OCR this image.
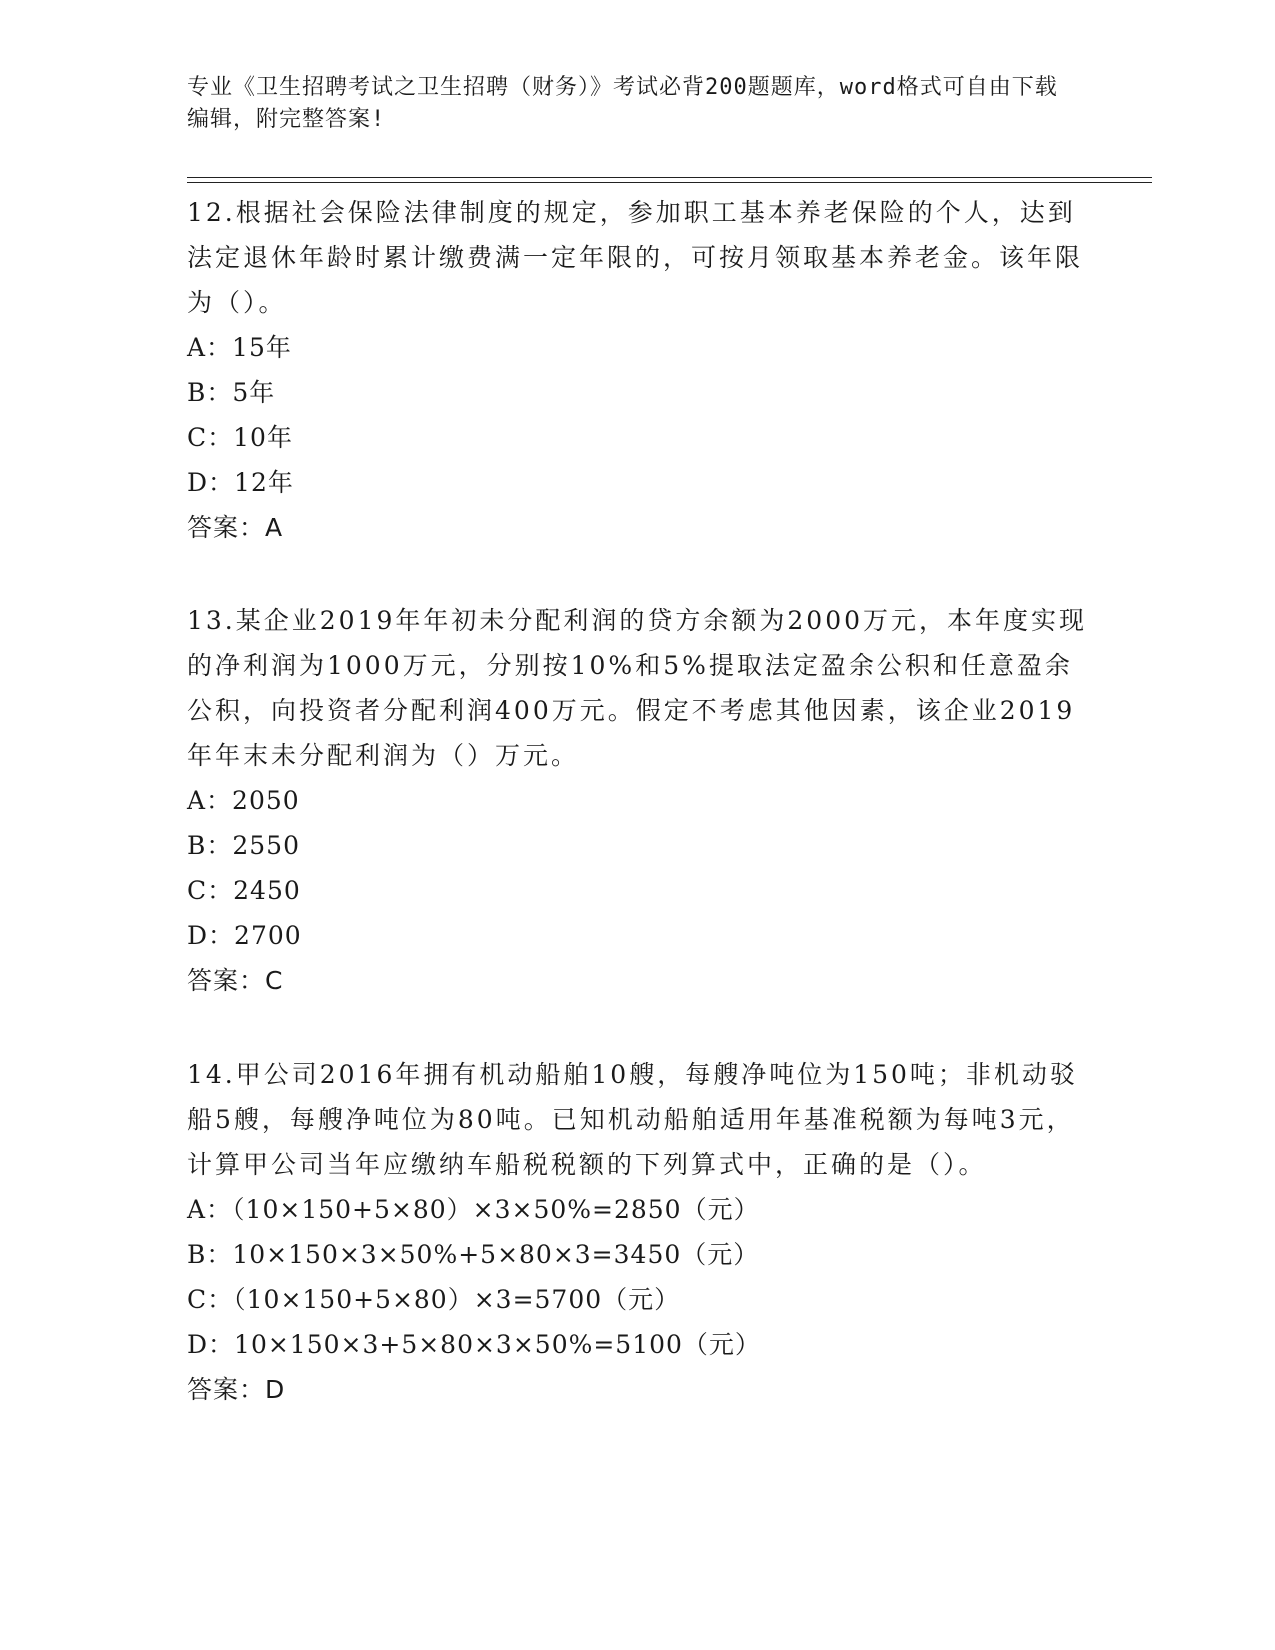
专业《卫生招聘考试之卫生招聘（财务）》考试必背200题题库，word格式可自由下载编辑，附完整答案!

12.根据社会保险法律制度的规定，参加职工基本养老保险的个人，达到法定退休年龄时累计缴费满一定年限的，可按月领取基本养老金。该年限为（）。

A：15年

B：5年

C：10年

D：12年

答案：A

13.某企业2019年年初未分配利润的贷方余额为2000万元，本年度实现的净利润为1000万元，分别按10%和5%提取法定盈余公积和任意盈余公积，向投资者分配利润400万元。假定不考虑其他因素，该企业2019年年末未分配利润为（）万元。

A：2050

B：2550

C：2450

D：2700

答案：C

14.甲公司2016年拥有机动船舶10艘，每艘净吨位为150吨；非机动驳船5艘，每艘净吨位为80吨。已知机动船舶适用年基准税额为每吨3元，计算甲公司当年应缴纳车船税税额的下列算式中，正确的是（）。

A：（10×150+5×80）×3×50%=2850（元）

B：10×150×3×50%+5×80×3=3450（元）

C：（10×150+5×80）×3=5700（元）

D：10×150×3+5×80×3×50%=5100（元）

答案：D
